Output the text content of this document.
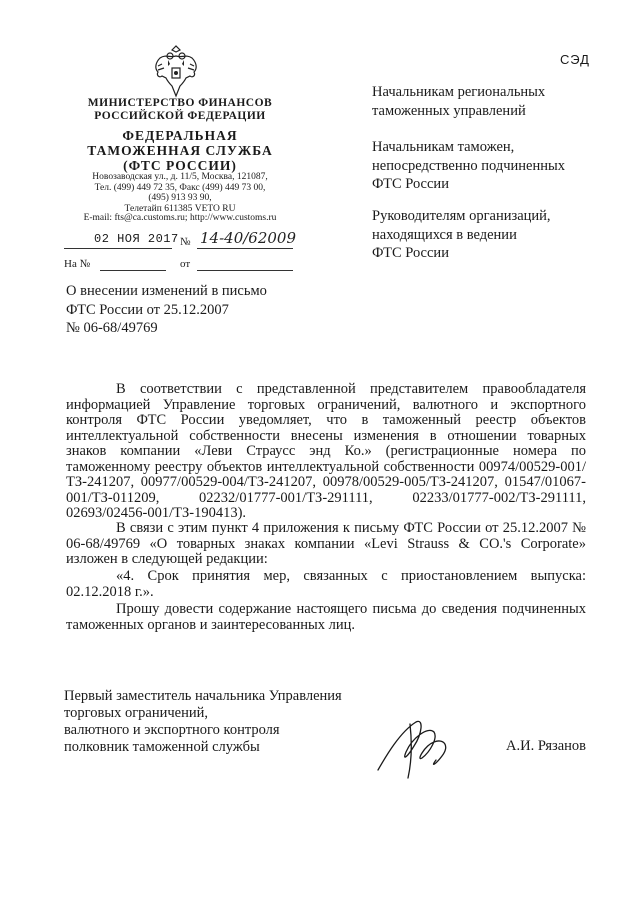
СЭД
МИНИСТЕРСТВО ФИНАНСОВ
РОССИЙСКОЙ ФЕДЕРАЦИИ
ФЕДЕРАЛЬНАЯ
ТАМОЖЕННАЯ СЛУЖБА
(ФТС РОССИИ)
Новозаводская ул., д. 11/5, Москва, 121087,
Тел. (499) 449 72 35, Факс (499) 449 73 00,
(495) 913 93 90,
Телетайп 611385 VETO RU
E-mail: fts@ca.customs.ru; http://www.customs.ru
02 НОЯ 2017 № 14-40/62009
На №	от
О внесении изменений в письмо
ФТС России от 25.12.2007
№ 06-68/49769
Начальникам региональных
таможенных управлений
Начальникам таможен,
непосредственно подчиненных
ФТС России
Руководителям организаций,
находящихся в ведении
ФТС России
В соответствии с представленной представителем правообладателя информацией Управление торговых ограничений, валютного и экспортного контроля ФТС России уведомляет, что в таможенный реестр объектов интеллектуальной собственности внесены изменения в отношении товарных знаков компании «Леви Страусс энд Ко.» (регистрационные номера по таможенному реестру объектов интеллектуальной собственности 00974/00529-001/ТЗ-241207, 00977/00529-004/ТЗ-241207, 00978/00529-005/ТЗ-241207, 01547/01067-001/ТЗ-011209, 02232/01777-001/ТЗ-291111, 02233/01777-002/ТЗ-291111, 02693/02456-001/ТЗ-190413).
В связи с этим пункт 4 приложения к письму ФТС России от 25.12.2007 № 06-68/49769 «О товарных знаках компании «Levi Strauss & CO.'s Corporate» изложен в следующей редакции:
«4. Срок принятия мер, связанных с приостановлением выпуска: 02.12.2018 г.».
Прошу довести содержание настоящего письма до сведения подчиненных таможенных органов и заинтересованных лиц.
Первый заместитель начальника Управления
торговых ограничений,
валютного и экспортного контроля
полковник таможенной службы	А.И. Рязанов
